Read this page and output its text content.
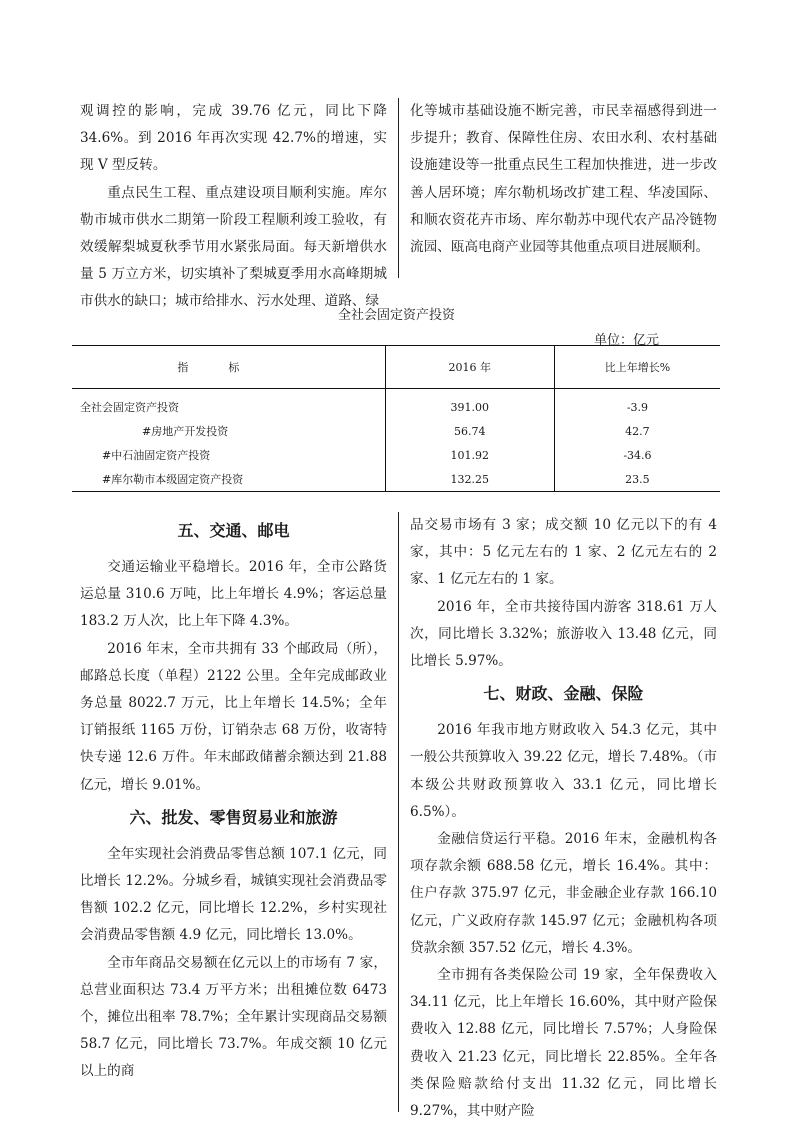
观调控的影响，完成 39.76 亿元，同比下降 34.6%。到 2016 年再次实现 42.7%的增速，实现 V 型反转。

重点民生工程、重点建设项目顺利实施。库尔勒市城市供水二期第一阶段工程顺利竣工验收，有效缓解梨城夏秋季节用水紧张局面。每天新增供水量 5 万立方米，切实填补了梨城夏季用水高峰期城市供水的缺口；城市给排水、污水处理、道路、绿

化等城市基础设施不断完善，市民幸福感得到进一步提升；教育、保障性住房、农田水利、农村基础设施建设等一批重点民生工程加快推进，进一步改善人居环境；库尔勒机场改扩建工程、华凌国际、和顺农资花卉市场、库尔勒苏中现代农产品冷链物流园、瓯高电商产业园等其他重点项目进展顺利。

全社会固定资产投资
单位：亿元
指标	2016 年	比上年增长%
全社会固定资产投资	391.00	-3.9
#房地产开发投资	56.74	42.7
#中石油固定资产投资	101.92	-34.6
#库尔勒市本级固定资产投资	132.25	23.5
五、交通、邮电

交通运输业平稳增长。2016 年，全市公路货运总量 310.6 万吨，比上年增长 4.9%；客运总量 183.2 万人次，比上年下降 4.3%。

2016 年末，全市共拥有 33 个邮政局（所），邮路总长度（单程）2122 公里。全年完成邮政业务总量 8022.7 万元，比上年增长 14.5%；全年订销报纸 1165 万份，订销杂志 68 万份，收寄特快专递 12.6 万件。年末邮政储蓄余额达到 21.88 亿元，增长 9.01%。

六、批发、零售贸易业和旅游

全年实现社会消费品零售总额 107.1 亿元，同比增长 12.2%。分城乡看，城镇实现社会消费品零售额 102.2 亿元，同比增长 12.2%，乡村实现社会消费品零售额 4.9 亿元，同比增长 13.0%。

全市年商品交易额在亿元以上的市场有 7 家，总营业面积达 73.4 万平方米；出租摊位数 6473 个，摊位出租率 78.7%；全年累计实现商品交易额 58.7 亿元，同比增长 73.7%。年成交额 10 亿元以上的商

品交易市场有 3 家；成交额 10 亿元以下的有 4 家，其中：5 亿元左右的 1 家、2 亿元左右的 2 家、1 亿元左右的 1 家。

2016 年，全市共接待国内游客 318.61 万人次，同比增长 3.32%；旅游收入 13.48 亿元，同比增长 5.97%。

七、财政、金融、保险

2016 年我市地方财政收入 54.3 亿元，其中一般公共预算收入 39.22 亿元，增长 7.48%。（市本级公共财政预算收入 33.1 亿元，同比增长 6.5%）。

金融信贷运行平稳。2016 年末，金融机构各项存款余额 688.58 亿元，增长 16.4%。其中：住户存款 375.97 亿元，非金融企业存款 166.10 亿元，广义政府存款 145.97 亿元；金融机构各项贷款余额 357.52 亿元，增长 4.3%。

全市拥有各类保险公司 19 家，全年保费收入 34.11 亿元，比上年增长 16.60%，其中财产险保费收入 12.88 亿元，同比增长 7.57%；人身险保费收入 21.23 亿元，同比增长 22.85%。全年各类保险赔款给付支出 11.32 亿元，同比增长 9.27%，其中财产险
